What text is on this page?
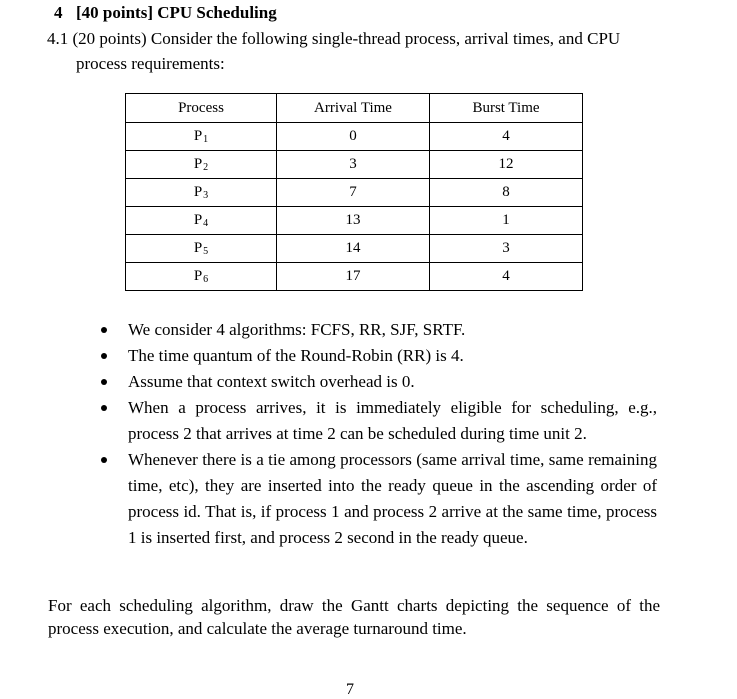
4 [40 points] CPU Scheduling
4.1 (20 points) Consider the following single-thread process, arrival times, and CPU
process requirements:
Process	Arrival Time	Burst Time
$P_1$	0	4
$P_2$	3	12
$P_3$	7	8
$P_4$	13	1
$P_5$	14	3
$P_6$	17	4
We consider 4 algorithms: FCFS, RR, SJF, SRTF.
The time quantum of the Round-Robin (RR) is 4.
Assume that context switch overhead is 0.
When a process arrives, it is immediately eligible for scheduling, e.g., process 2 that arrives at time 2 can be scheduled during time unit 2.
Whenever there is a tie among processors (same arrival time, same remaining time, etc), they are inserted into the ready queue in the ascending order of process id. That is, if process 1 and process 2 arrive at the same time, process 1 is inserted first, and process 2 second in the ready queue.
For each scheduling algorithm, draw the Gantt charts depicting the sequence of the process execution, and calculate the average turnaround time.
7
